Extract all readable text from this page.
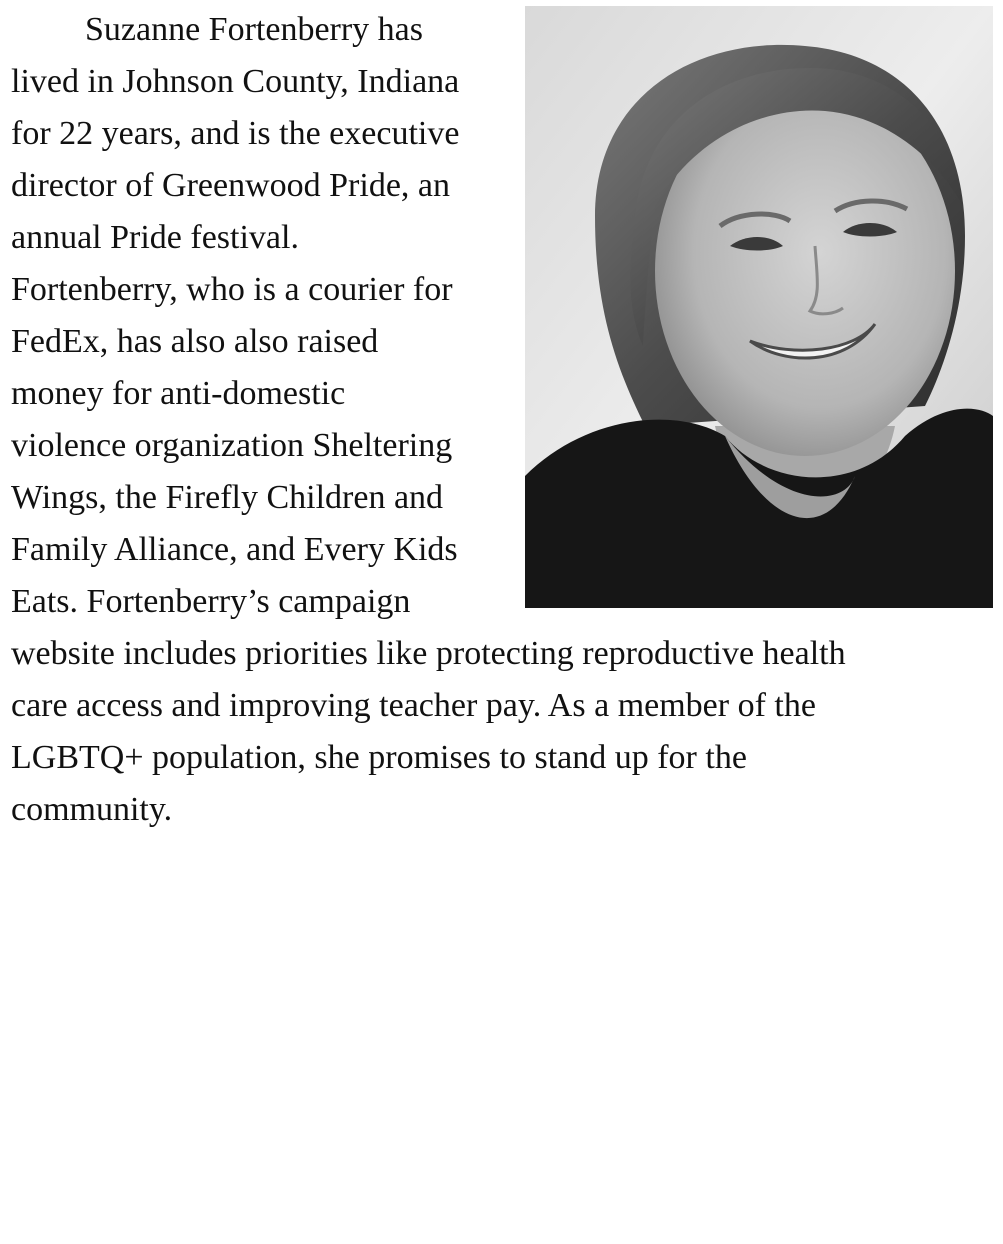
Suzanne Fortenberry has
lived in Johnson County, Indiana
for 22 years, and is the executive
director of Greenwood Pride, an
annual Pride festival.
Fortenberry, who is a courier for
FedEx, has also also raised
money for anti-domestic
violence organization Sheltering
Wings, the Firefly Children and
Family Alliance, and Every Kids
Eats. Fortenberry’s campaign
website includes priorities like protecting reproductive health
care access and improving teacher pay. As a member of the
LGBTQ+ population, she promises to stand up for the
community.
